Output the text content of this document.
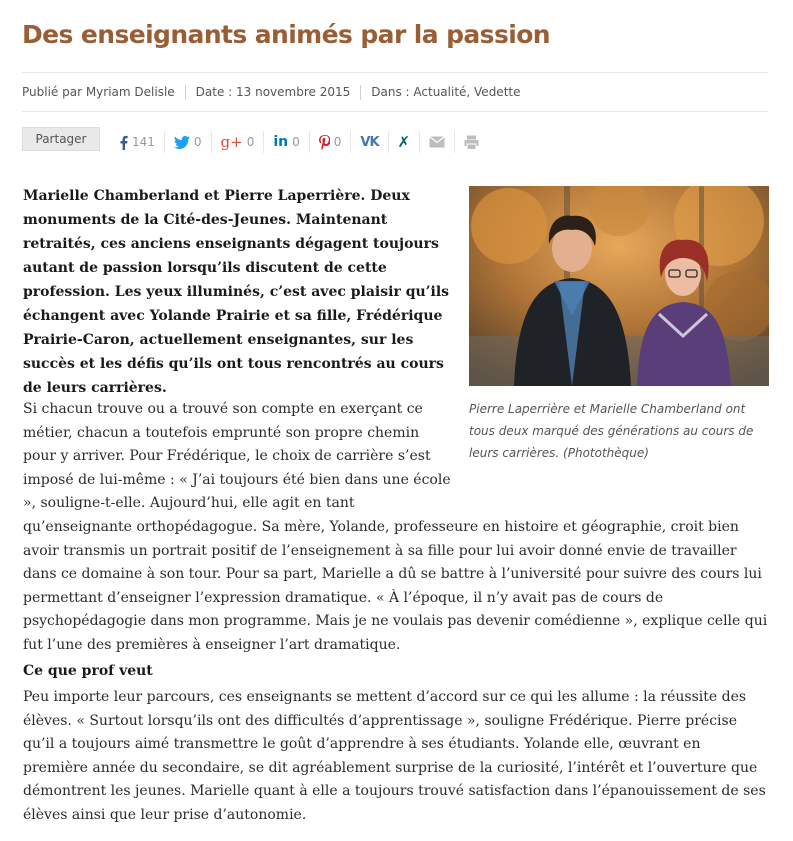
Des enseignants animés par la passion
Publié par Myriam Delisle Date : 13 novembre 2015 Dans : Actualité, Vedette
Partager	141	0 g+ 0 in 0	0 VK ✗

Marielle Chamberland et Pierre Laperrière. Deux monuments de la Cité-des-Jeunes. Maintenant retraités, ces anciens enseignants dégagent toujours autant de passion lorsqu’ils discutent de cette profession. Les yeux illuminés, c’est avec plaisir qu’ils échangent avec Yolande Prairie et sa fille, Frédérique Prairie-Caron, actuellement enseignantes, sur les succès et les défis qu’ils ont tous rencontrés au cours de leurs carrières.

Pierre Laperrière et Marielle Chamberland ont tous deux marqué des générations au cours de leurs carrières. (Photothèque)

Si chacun trouve ou a trouvé son compte en exerçant ce métier, chacun a toutefois emprunté son propre chemin pour y arriver. Pour Frédérique, le choix de carrière s’est imposé de lui-même : « J’ai toujours été bien dans une école », souligne-t-elle. Aujourd’hui, elle agit en tant

qu’enseignante orthopédagogue. Sa mère, Yolande, professeure en histoire et géographie, croit bien avoir transmis un portrait positif de l’enseignement à sa fille pour lui avoir donné envie de travailler dans ce domaine à son tour. Pour sa part, Marielle a dû se battre à l’université pour suivre des cours lui permettant d’enseigner l’expression dramatique. « À l’époque, il n’y avait pas de cours de psychopédagogie dans mon programme. Mais je ne voulais pas devenir comédienne », explique celle qui fut l’une des premières à enseigner l’art dramatique.

Ce que prof veut

Peu importe leur parcours, ces enseignants se mettent d’accord sur ce qui les allume : la réussite des élèves. « Surtout lorsqu’ils ont des difficultés d’apprentissage », souligne Frédérique. Pierre précise qu’il a toujours aimé transmettre le goût d’apprendre à ses étudiants. Yolande elle, œuvrant en première année du secondaire, se dit agréablement surprise de la curiosité, l’intérêt et l’ouverture que démontrent les jeunes. Marielle quant à elle a toujours trouvé satisfaction dans l’épanouissement de ses élèves ainsi que leur prise d’autonomie.
